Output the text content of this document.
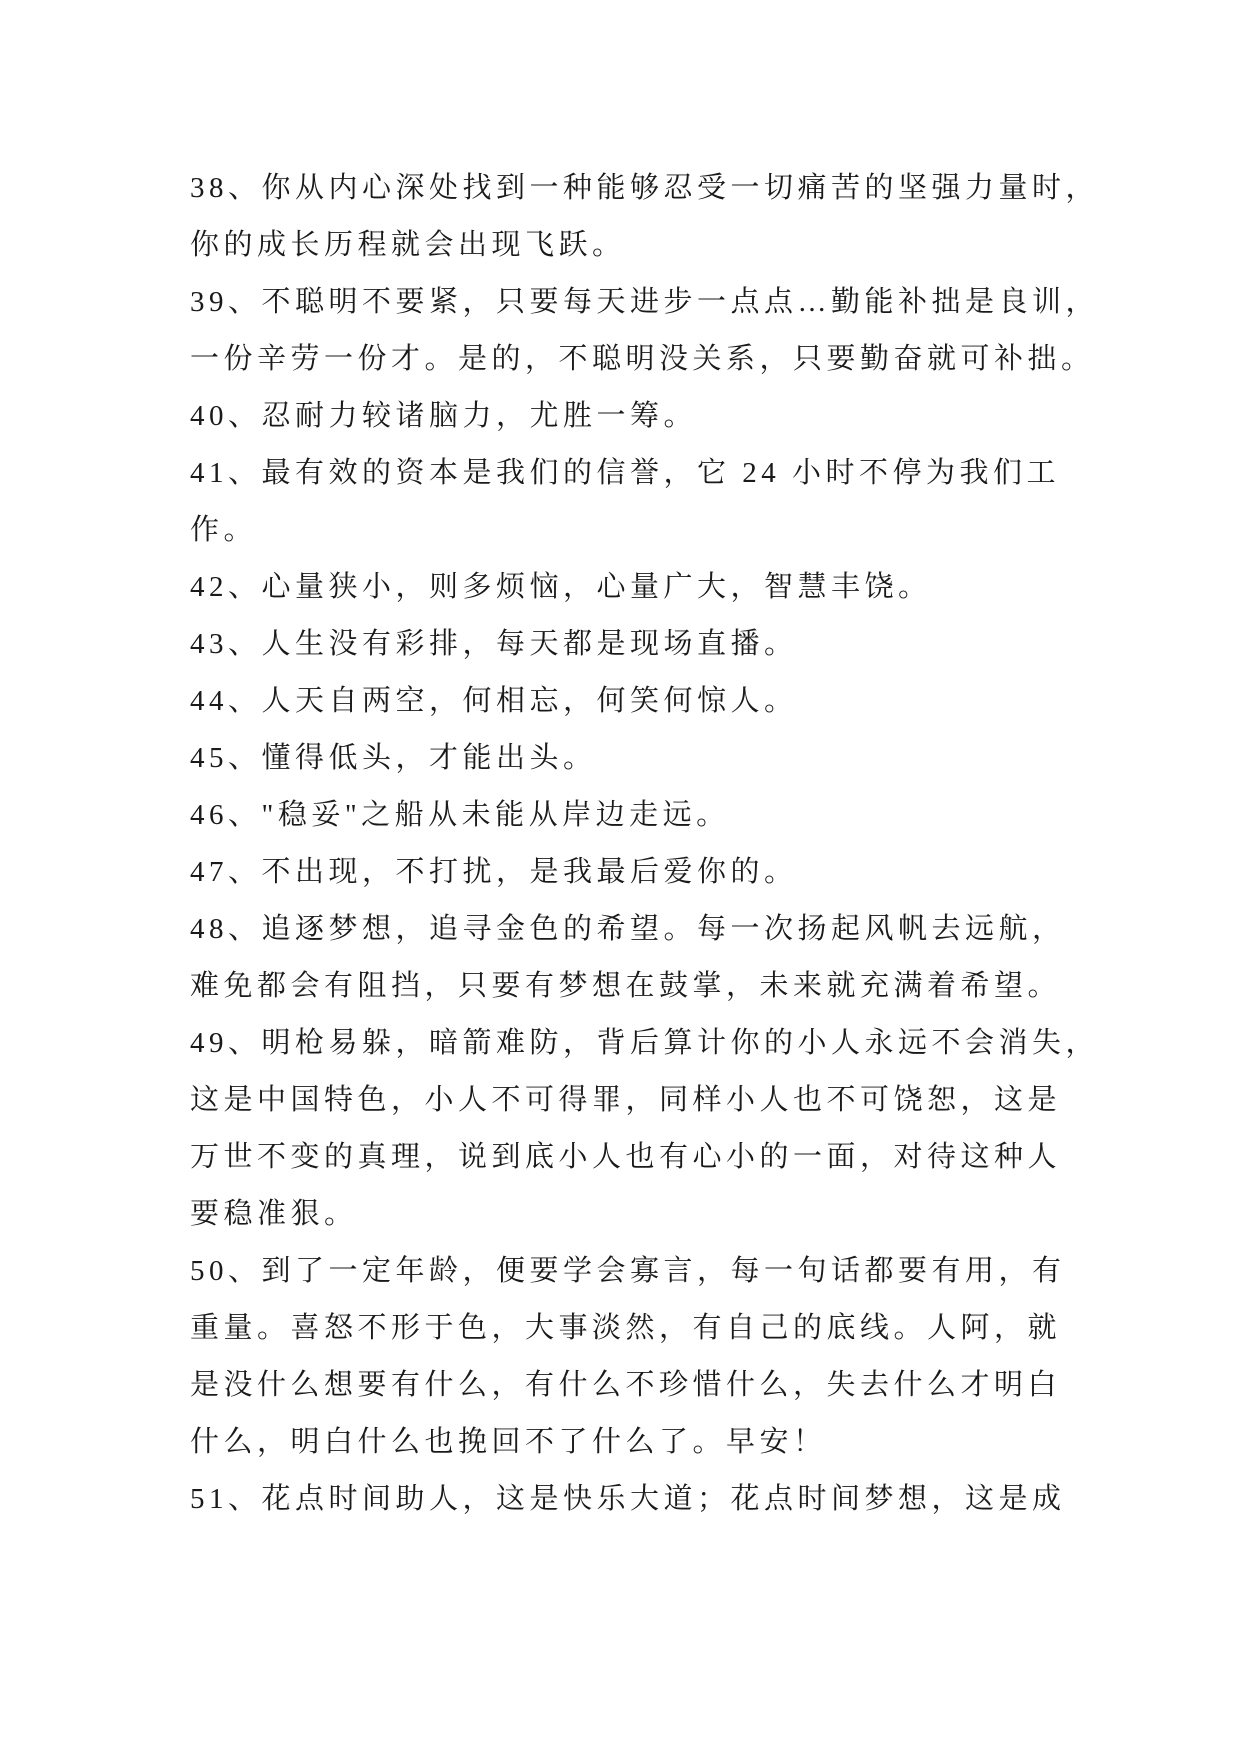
38、你从内心深处找到一种能够忍受一切痛苦的坚强力量时，
你的成长历程就会出现飞跃。
39、不聪明不要紧，只要每天进步一点点…勤能补拙是良训，
一份辛劳一份才。是的，不聪明没关系，只要勤奋就可补拙。
40、忍耐力较诸脑力，尤胜一筹。
41、最有效的资本是我们的信誉，它 24 小时不停为我们工
作。
42、心量狭小，则多烦恼，心量广大，智慧丰饶。
43、人生没有彩排，每天都是现场直播。
44、人天自两空，何相忘，何笑何惊人。
45、懂得低头，才能出头。
46、"稳妥"之船从未能从岸边走远。
47、不出现，不打扰，是我最后爱你的。
48、追逐梦想，追寻金色的希望。每一次扬起风帆去远航，
难免都会有阻挡，只要有梦想在鼓掌，未来就充满着希望。
49、明枪易躲，暗箭难防，背后算计你的小人永远不会消失，
这是中国特色，小人不可得罪，同样小人也不可饶恕，这是
万世不变的真理，说到底小人也有心小的一面，对待这种人
要稳准狠。
50、到了一定年龄，便要学会寡言，每一句话都要有用，有
重量。喜怒不形于色，大事淡然，有自己的底线。人阿，就
是没什么想要有什么，有什么不珍惜什么，失去什么才明白
什么，明白什么也挽回不了什么了。早安！
51、花点时间助人，这是快乐大道；花点时间梦想，这是成
